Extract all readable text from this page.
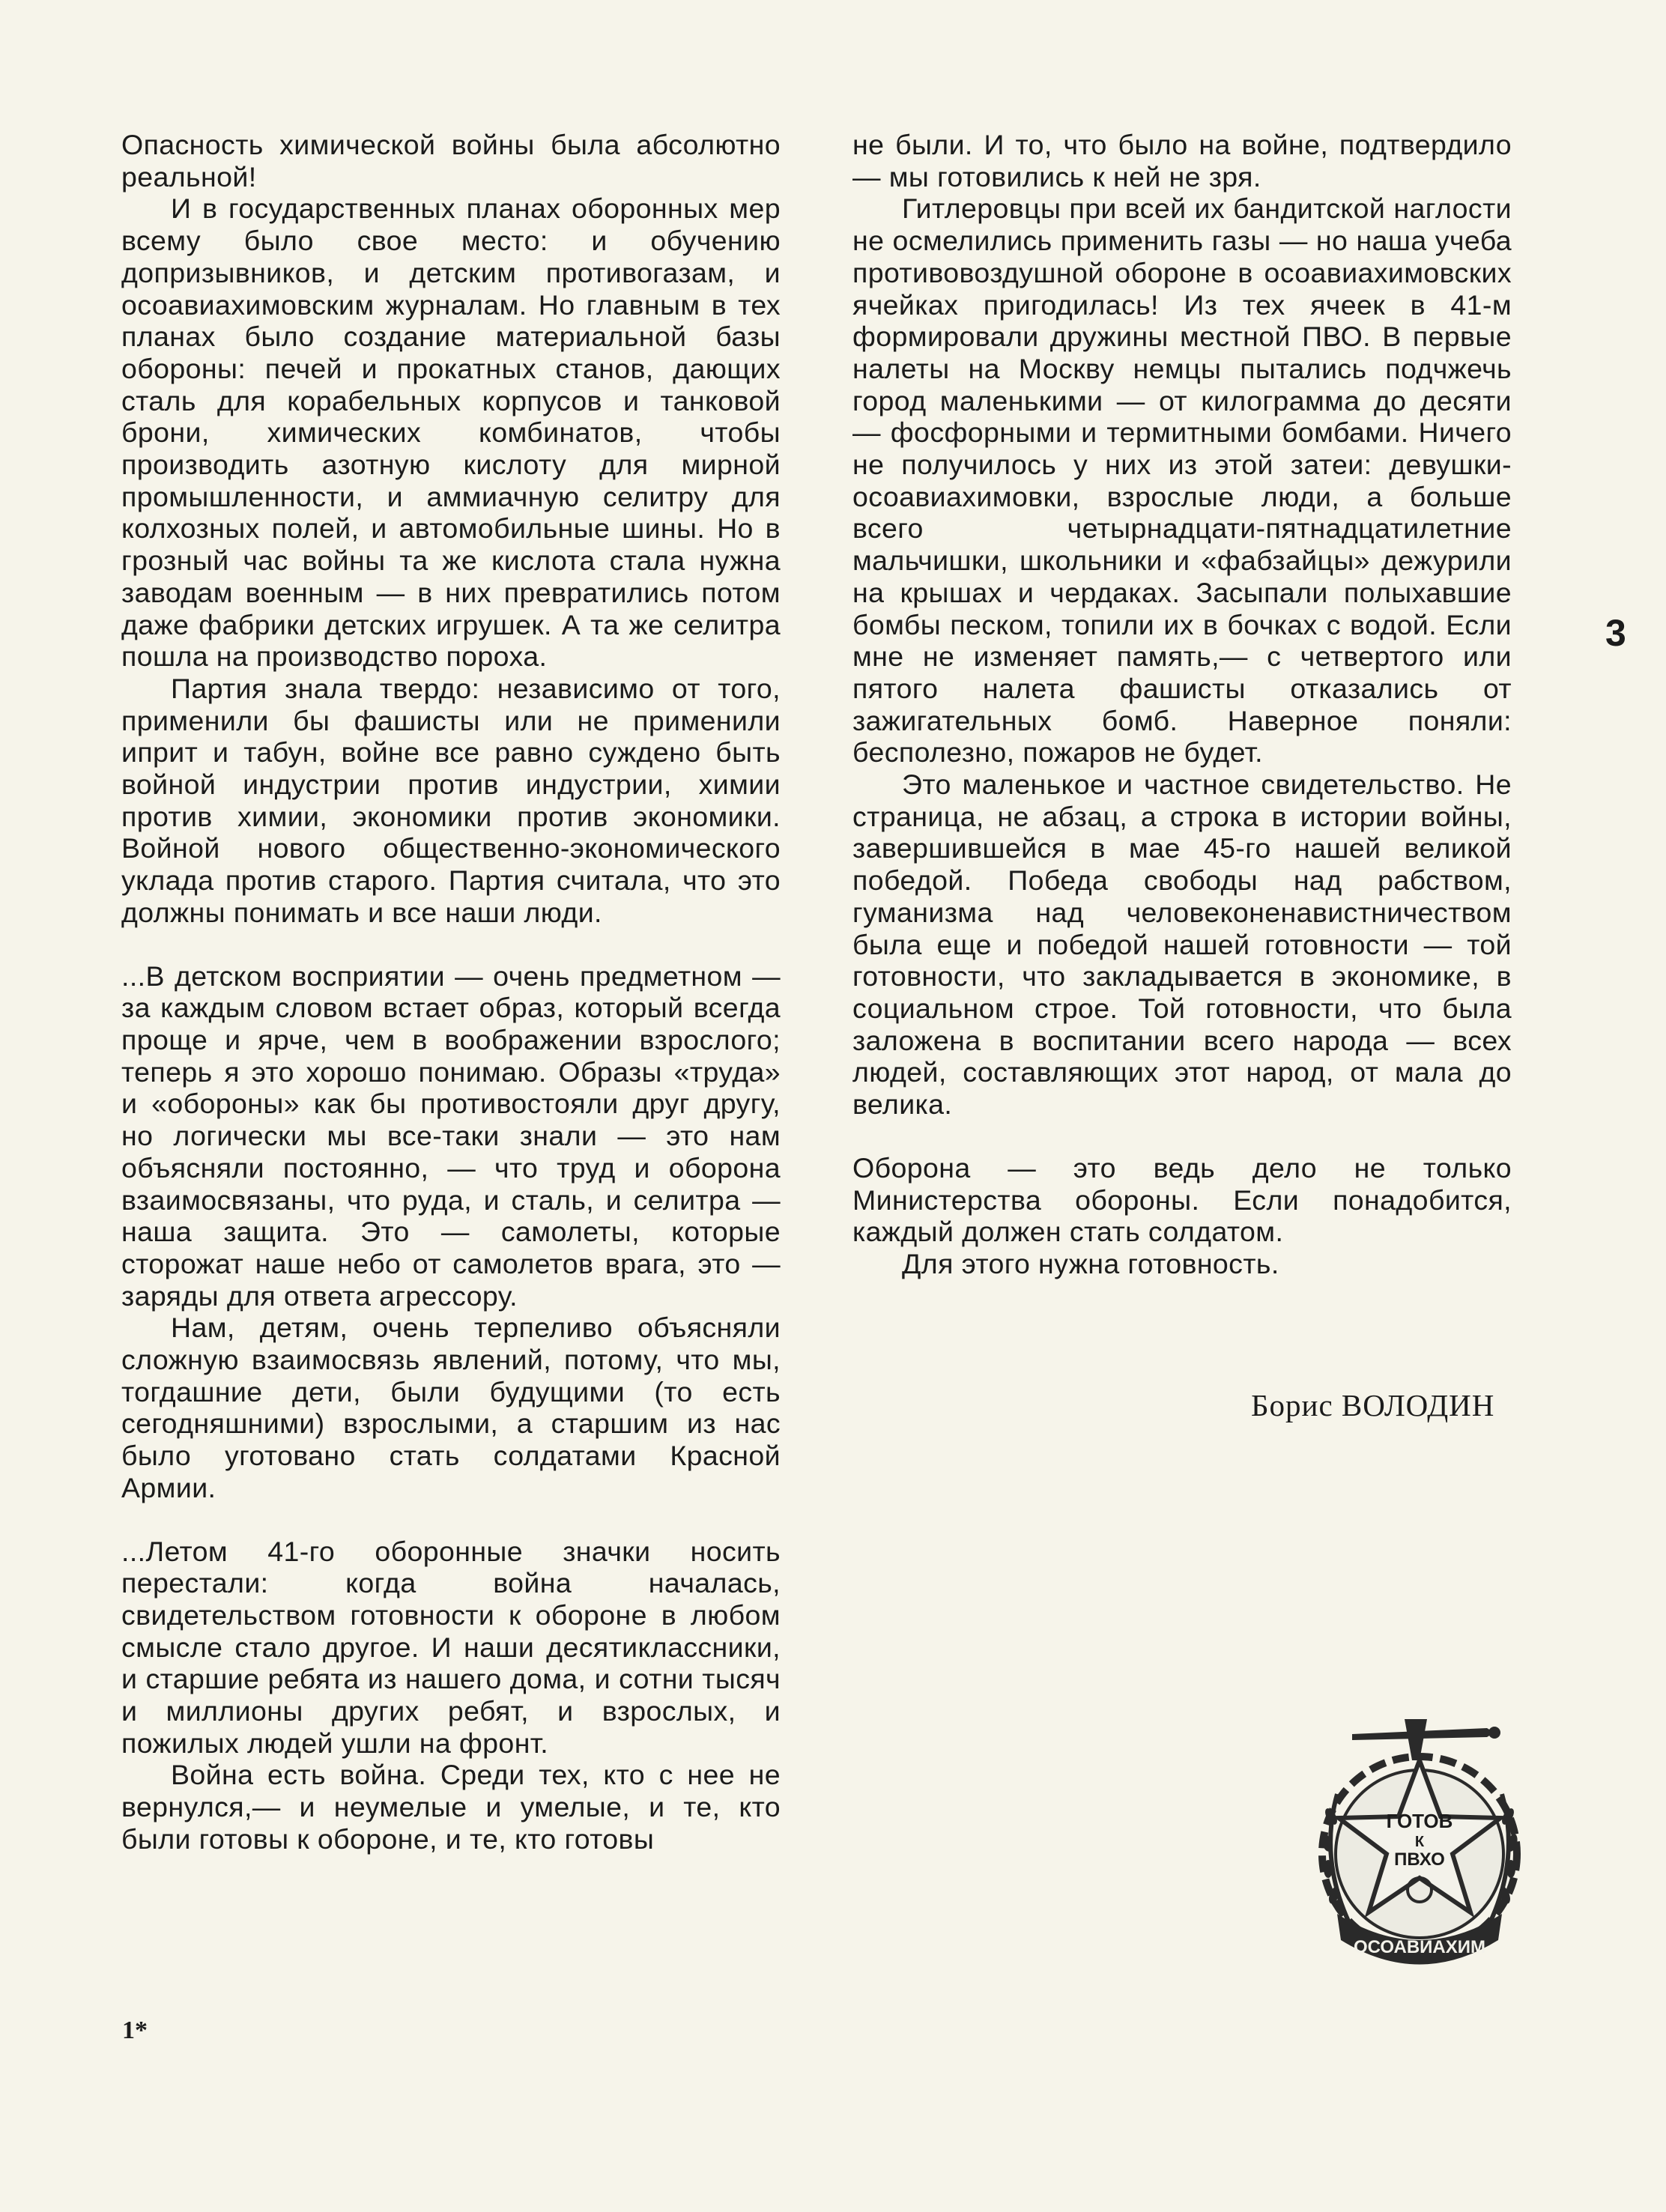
Опасность химической войны была абсолютно реальной!

И в государственных планах оборонных мер всему было свое место: и обучению допризывников, и детским противогазам, и осоавиахимовским журналам. Но главным в тех планах было создание материальной базы обороны: печей и прокатных станов, дающих сталь для корабельных корпусов и танковой брони, химических комбинатов, чтобы производить азотную кислоту для мирной промышленности, и аммиачную селитру для колхозных полей, и автомобильные шины. Но в грозный час войны та же кислота стала нужна заводам военным — в них превратились потом даже фабрики детских игрушек. А та же селитра пошла на производство пороха.

Партия знала твердо: независимо от того, применили бы фашисты или не применили иприт и табун, войне все равно суждено быть войной индустрии против индустрии, химии против химии, экономики против экономики. Войной нового общественно-экономического уклада против старого. Партия считала, что это должны понимать и все наши люди.

...В детском восприятии — очень предметном — за каждым словом встает образ, который всегда проще и ярче, чем в воображении взрослого; теперь я это хорошо понимаю. Образы «труда» и «обороны» как бы противостояли друг другу, но логически мы все-таки знали — это нам объясняли постоянно, — что труд и оборона взаимосвязаны, что руда, и сталь, и селитра — наша защита. Это — самолеты, которые сторожат наше небо от самолетов врага, это — заряды для ответа агрессору.

Нам, детям, очень терпеливо объясняли сложную взаимосвязь явлений, потому, что мы, тогдашние дети, были будущими (то есть сегодняшними) взрослыми, а старшим из нас было уготовано стать солдатами Красной Армии.

...Летом 41-го оборонные значки носить перестали: когда война началась, свидетельством готовности к обороне в любом смысле стало другое. И наши десятиклассники, и старшие ребята из нашего дома, и сотни тысяч и миллионы других ребят, и взрослых, и пожилых людей ушли на фронт.

Война есть война. Среди тех, кто с нее не вернулся,— и неумелые и умелые, и те, кто были готовы к обороне, и те, кто готовы

не были. И то, что было на войне, подтвердило — мы готовились к ней не зря.

Гитлеровцы при всей их бандитской наглости не осмелились применить газы — но наша учеба противовоздушной обороне в осоавиахимовских ячейках пригодилась! Из тех ячеек в 41-м формировали дружины местной ПВО. В первые налеты на Москву немцы пытались подчжечь город маленькими — от килограмма до десяти — фосфорными и термитными бомбами. Ничего не получилось у них из этой затеи: девушки-осоавиахимовки, взрослые люди, а больше всего четырнадцати-пятнадцатилетние мальчишки, школьники и «фабзайцы» дежурили на крышах и чердаках. Засыпали полыхавшие бомбы песком, топили их в бочках с водой. Если мне не изменяет память,— с четвертого или пятого налета фашисты отказались от зажигательных бомб. Наверное поняли: бесполезно, пожаров не будет.

Это маленькое и частное свидетельство. Не страница, не абзац, а строка в истории войны, завершившейся в мае 45-го нашей великой победой. Победа свободы над рабством, гуманизма над человеконенавистничеством была еще и победой нашей готовности — той готовности, что закладывается в экономике, в социальном строе. Той готовности, что была заложена в воспитании всего народа — всех людей, составляющих этот народ, от мала до велика.

Оборона — это ведь дело не только Министерства обороны. Если понадобится, каждый должен стать солдатом.

Для этого нужна готовность.

Борис ВОЛОДИН
3
1*
ГОТОВ
К
ПВХО
ОСОАВИАХИМ
